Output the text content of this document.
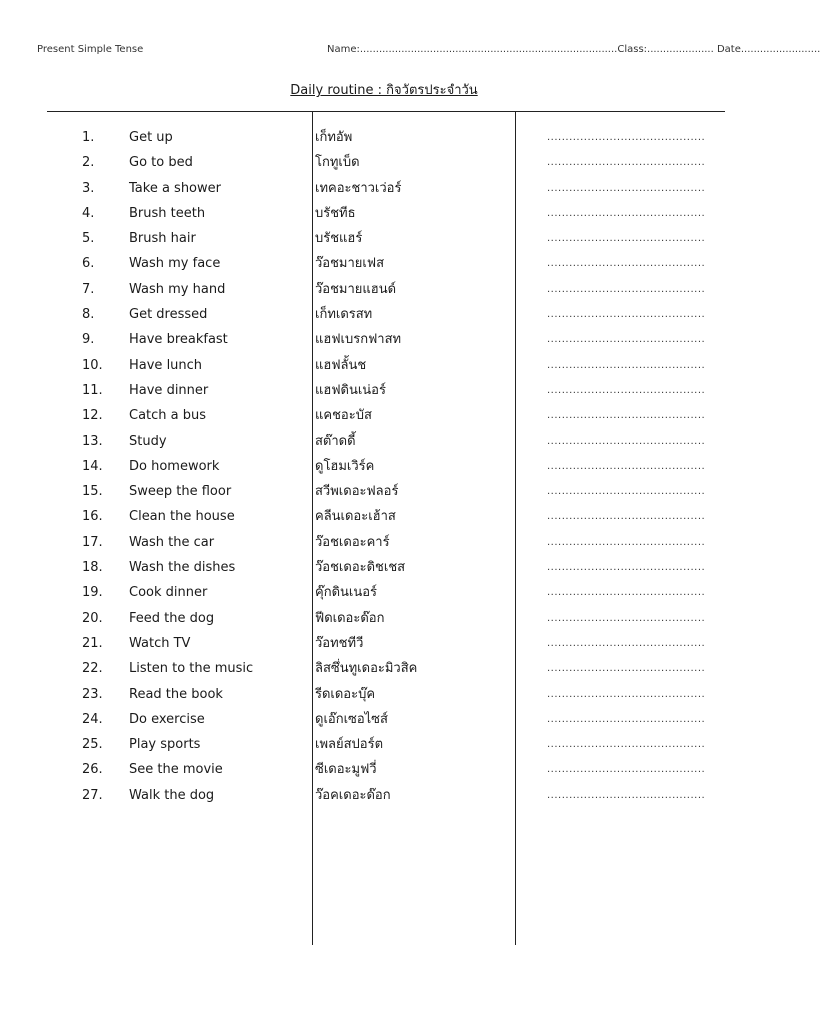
Present Simple Tense	Name:.................................................................................Class:..................... Date.........................
Daily routine : กิจวัตรประจำวัน
1.	Get up	เก็ทอัพ	...........................................
2.	Go to bed	โกทูเบ็ด	...........................................
3.	Take a shower	เทคอะชาวเว่อร์	...........................................
4.	Brush teeth	บรัชทีธ	...........................................
5.	Brush hair	บรัชแฮร์	...........................................
6.	Wash my face	ว๊อชมายเฟส	...........................................
7.	Wash my hand	ว๊อชมายแฮนด์	...........................................
8.	Get dressed	เก็ทเดรสท	...........................................
9.	Have breakfast	แฮฟเบรกฟาสท	...........................................
10. Have lunch	แฮฟลั้นช	...........................................
11. Have dinner	แฮฟดินเน่อร์	...........................................
12. Catch a bus	แคชอะบัส	...........................................
13. Study	สต๊าดดี้	...........................................
14. Do homework	ดูโฮมเวิร์ค	...........................................
15. Sweep the floor	สวีพเดอะฟลอร์	...........................................
16. Clean the house	คลีนเดอะเฮ้าส	...........................................
17. Wash the car	ว๊อชเดอะคาร์	...........................................
18. Wash the dishes	ว๊อชเดอะดิชเชส	...........................................
19. Cook dinner	คุ๊กดินเนอร์	...........................................
20. Feed the dog	ฟีดเดอะด๊อก	...........................................
21. Watch TV	ว๊อทชทีวี	...........................................
22. Listen to the music	ลิสซึ่นทูเดอะมิวสิค	...........................................
23. Read the book	รีดเดอะบุ๊ค	...........................................
24. Do exercise	ดูเอ๊กเซอไซส์	...........................................
25. Play sports	เพลย์สปอร์ต	...........................................
26. See the movie	ซีเดอะมูฟวี่	...........................................
27. Walk the dog	ว๊อคเดอะด๊อก	...........................................
